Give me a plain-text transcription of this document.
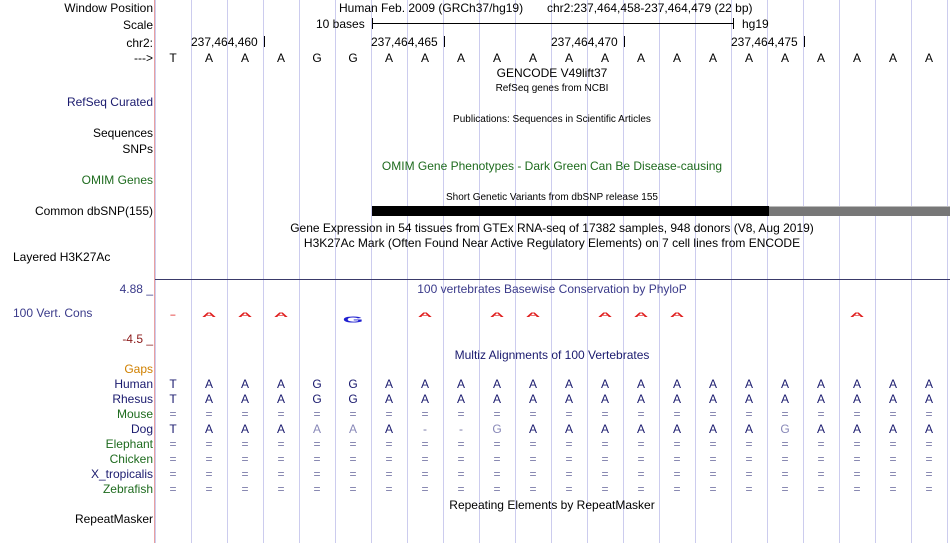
Window Position	Human Feb. 2009 (GRCh37/hg19) chr2:237,464,458-237,464,479 (22 bp)
Scale	10 bases	hg19
chr2:	237,464,460	237,464,465	237,464,470	237,464,475
--->	T	A	A	A	G	G	A	A	A	A	A	A	A	A	A	A	A	A	A	A	A	A
GENCODE V49lift37
RefSeq genes from NCBI
RefSeq Curated
Publications: Sequences in Scientific Articles
Sequences
SNPs
OMIM Gene Phenotypes - Dark Green Can Be Disease-causing
OMIM Genes
Short Genetic Variants from dbSNP release 155
Common dbSNP(155)
Gene Expression in 54 tissues from GTEx RNA-seq of 17382 samples, 948 donors (V8, Aug 2019)
H3K27Ac Mark (Often Found Near Active Regulatory Elements) on 7 cell lines from ENCODE
Layered H3K27Ac
100 vertebrates Basewise Conservation by PhyloP
4.88 _
100 Vert. Cons
-4.5 _
-	A A A
G
A	A A	A A A	A
Multiz Alignments of 100 Vertebrates
Gaps
Human	T	A	A	A	G	G	A	A	A	A	A	A	A	A	A	A	A	A	A	A	A	A
Rhesus	T	A	A	A	G	G	A	A	A	A	A	A	A	A	A	A	A	A	A	A	A	A
Mouse	=	=	=	=	=	=	=	=	=	=	=	=	=	=	=	=	=	=	=	=	=	=
Dog	T	A	A	A	A	A	A	-	-	G	A	A	A	A	A	A	A	G	A	A	A	A
Elephant	=	=	=	=	=	=	=	=	=	=	=	=	=	=	=	=	=	=	=	=	=	=
Chicken	=	=	=	=	=	=	=	=	=	=	=	=	=	=	=	=	=	=	=	=	=	=
X_tropicalis	=	=	=	=	=	=	=	=	=	=	=	=	=	=	=	=	=	=	=	=	=	=
Zebrafish	=	=	=	=	=	=	=	=	=	=	=	=	=	=	=	=	=	=	=	=	=	=
Repeating Elements by RepeatMasker
RepeatMasker
